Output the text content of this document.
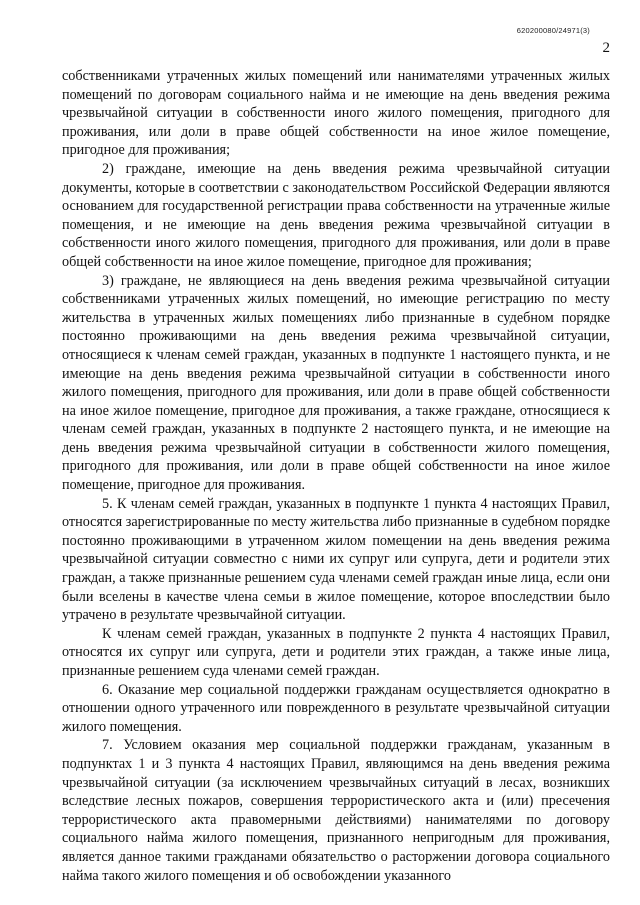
620200080/24971(3)
2

собственниками утраченных жилых помещений или нанимателями утраченных жилых помещений по договорам социального найма и не имеющие на день введения режима чрезвычайной ситуации в собственности иного жилого помещения, пригодного для проживания, или доли в праве общей собственности на иное жилое помещение, пригодное для проживания;

2) граждане, имеющие на день введения режима чрезвычайной ситуации документы, которые в соответствии с законодательством Российской Федерации являются основанием для государственной регистрации права собственности на утраченные жилые помещения, и не имеющие на день введения режима чрезвычайной ситуации в собственности иного жилого помещения, пригодного для проживания, или доли в праве общей собственности на иное жилое помещение, пригодное для проживания;

3) граждане, не являющиеся на день введения режима чрезвычайной ситуации собственниками утраченных жилых помещений, но имеющие регистрацию по месту жительства в утраченных жилых помещениях либо признанные в судебном порядке постоянно проживающими на день введения режима чрезвычайной ситуации, относящиеся к членам семей граждан, указанных в подпункте 1 настоящего пункта, и не имеющие на день введения режима чрезвычайной ситуации в собственности иного жилого помещения, пригодного для проживания, или доли в праве общей собственности на иное жилое помещение, пригодное для проживания, а также граждане, относящиеся к членам семей граждан, указанных в подпункте 2 настоящего пункта, и не имеющие на день введения режима чрезвычайной ситуации в собственности жилого помещения, пригодного для проживания, или доли в праве общей собственности на иное жилое помещение, пригодное для проживания.

5. К членам семей граждан, указанных в подпункте 1 пункта 4 настоящих Правил, относятся зарегистрированные по месту жительства либо признанные в судебном порядке постоянно проживающими в утраченном жилом помещении на день введения режима чрезвычайной ситуации совместно с ними их супруг или супруга, дети и родители этих граждан, а также признанные решением суда членами семей граждан иные лица, если они были вселены в качестве члена семьи в жилое помещение, которое впоследствии было утрачено в результате чрезвычайной ситуации.

К членам семей граждан, указанных в подпункте 2 пункта 4 настоящих Правил, относятся их супруг или супруга, дети и родители этих граждан, а также иные лица, признанные решением суда членами семей граждан.

6. Оказание мер социальной поддержки гражданам осуществляется однократно в отношении одного утраченного или поврежденного в результате чрезвычайной ситуации жилого помещения.

7. Условием оказания мер социальной поддержки гражданам, указанным в подпунктах 1 и 3 пункта 4 настоящих Правил, являющимся на день введения режима чрезвычайной ситуации (за исключением чрезвычайных ситуаций в лесах, возникших вследствие лесных пожаров, совершения террористического акта и (или) пресечения террористического акта правомерными действиями) нанимателями по договору социального найма жилого помещения, признанного непригодным для проживания, является данное такими гражданами обязательство о расторжении договора социального найма такого жилого помещения и об освобождении указанного
